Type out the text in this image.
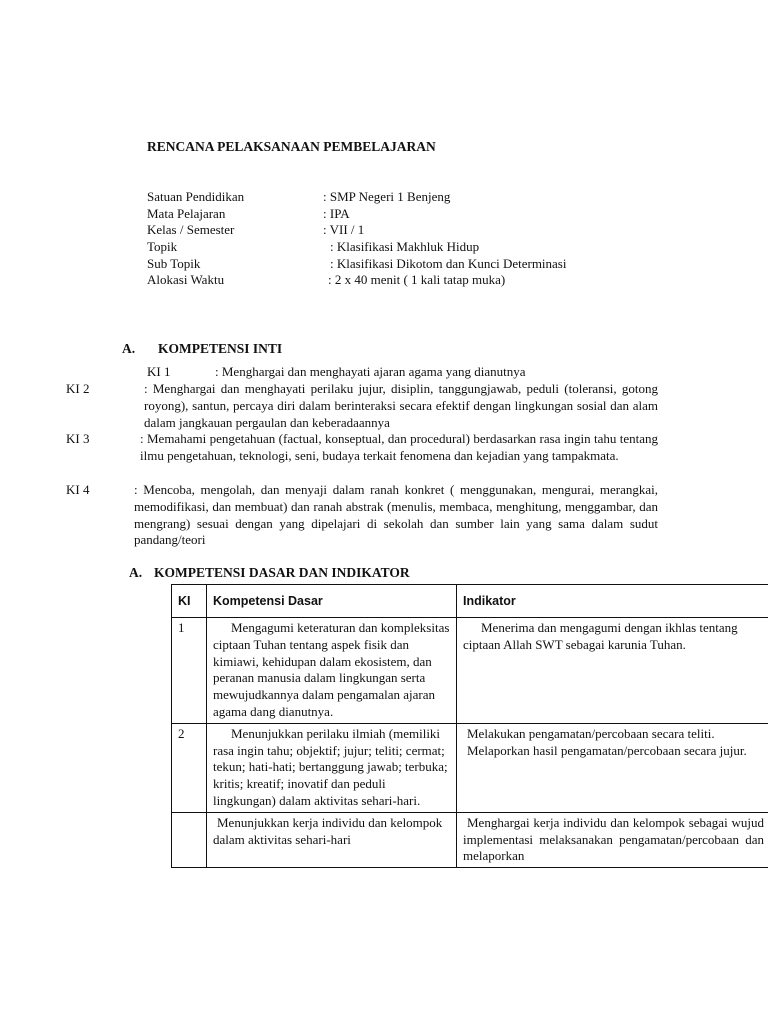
RENCANA PELAKSANAAN PEMBELAJARAN
Satuan Pendidikan	: SMP Negeri 1 Benjeng
Mata Pelajaran	: IPA
Kelas / Semester	: VII / 1
Topik	: Klasifikasi Makhluk Hidup
Sub Topik	: Klasifikasi Dikotom dan Kunci Determinasi
Alokasi Waktu	: 2 x 40 menit ( 1 kali tatap muka)
A. KOMPETENSI INTI
KI 1	: Menghargai dan menghayati ajaran agama yang dianutnya
KI 2	: Menghargai dan menghayati perilaku jujur, disiplin, tanggungjawab, peduli (toleransi, gotong royong), santun, percaya diri dalam berinteraksi secara efektif dengan lingkungan sosial dan alam dalam jangkauan pergaulan dan keberadaannya
KI 3	: Memahami pengetahuan (factual, konseptual, dan procedural) berdasarkan rasa ingin tahu tentang ilmu pengetahuan, teknologi, seni, budaya terkait fenomena dan kejadian yang tampakmata.
KI 4	: Mencoba, mengolah, dan menyaji dalam ranah konkret ( menggunakan, mengurai, merangkai, memodifikasi, dan membuat) dan ranah abstrak (menulis, membaca, menghitung, menggambar, dan mengrang) sesuai dengan yang dipelajari di sekolah dan sumber lain yang sama dalam sudut pandang/teori
A. KOMPETENSI DASAR DAN INDIKATOR
KI	Kompetensi Dasar	Indikator
1	Mengagumi keteraturan dan kompleksitas ciptaan Tuhan tentang aspek fisik dan kimiawi, kehidupan dalam ekosistem, dan peranan manusia dalam lingkungan serta mewujudkannya dalam pengamalan ajaran agama dang dianutnya.	Menerima dan mengagumi dengan ikhlas tentang ciptaan Allah SWT sebagai karunia Tuhan.

2	Menunjukkan perilaku ilmiah (memiliki rasa ingin tahu; objektif; jujur; teliti; cermat; tekun; hati-hati; bertanggung jawab; terbuka; kritis; kreatif; inovatif dan peduli lingkungan) dalam aktivitas sehari-hari.	Melakukan pengamatan/percobaan secara teliti.
Melaporkan hasil pengamatan/percobaan secara jujur.

	Menunjukkan kerja individu dan kelompok dalam aktivitas sehari-hari	Menghargai kerja individu dan kelompok sebagai wujud implementasi melaksanakan pengamatan/percobaan dan melaporkan
